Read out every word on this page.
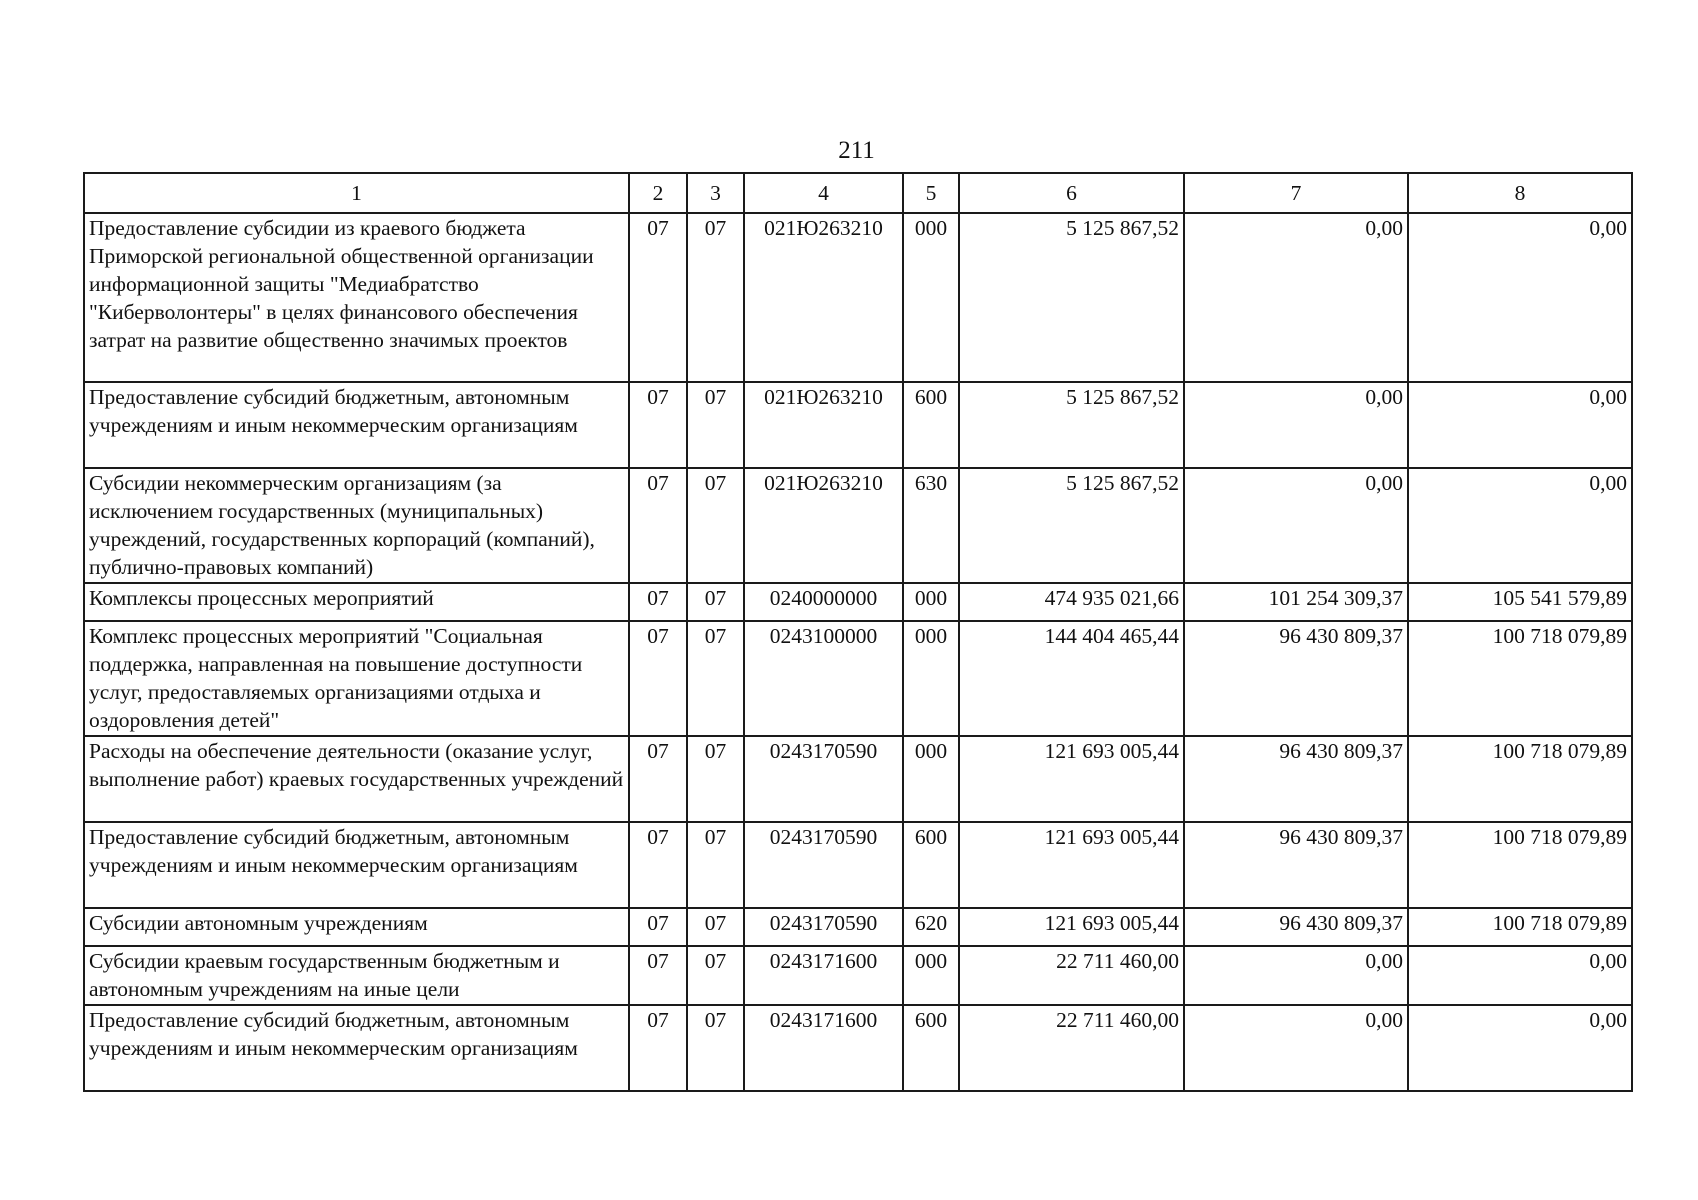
211
1	2	3	4	5	6	7	8
Предоставление субсидии из краевого бюджета Приморской региональной общественной организации информационной защиты "Медиабратство "Киберволонтеры" в целях финансового обеспечения затрат на развитие общественно значимых проектов	07	07	021Ю263210	000	5 125 867,52	0,00	0,00
Предоставление субсидий бюджетным, автономным учреждениям и иным некоммерческим организациям	07	07	021Ю263210	600	5 125 867,52	0,00	0,00
Субсидии некоммерческим организациям (за исключением государственных (муниципальных) учреждений, государственных корпораций (компаний), публично-правовых компаний)	07	07	021Ю263210	630	5 125 867,52	0,00	0,00
Комплексы процессных мероприятий	07	07	0240000000	000	474 935 021,66	101 254 309,37	105 541 579,89
Комплекс процессных мероприятий "Социальная поддержка, направленная на повышение доступности услуг, предоставляемых организациями отдыха и оздоровления детей"	07	07	0243100000	000	144 404 465,44	96 430 809,37	100 718 079,89
Расходы на обеспечение деятельности (оказание услуг, выполнение работ) краевых государственных учреждений	07	07	0243170590	000	121 693 005,44	96 430 809,37	100 718 079,89
Предоставление субсидий бюджетным, автономным учреждениям и иным некоммерческим организациям	07	07	0243170590	600	121 693 005,44	96 430 809,37	100 718 079,89
Субсидии автономным учреждениям	07	07	0243170590	620	121 693 005,44	96 430 809,37	100 718 079,89
Субсидии краевым государственным бюджетным и автономным учреждениям на иные цели	07	07	0243171600	000	22 711 460,00	0,00	0,00
Предоставление субсидий бюджетным, автономным учреждениям и иным некоммерческим организациям	07	07	0243171600	600	22 711 460,00	0,00	0,00
